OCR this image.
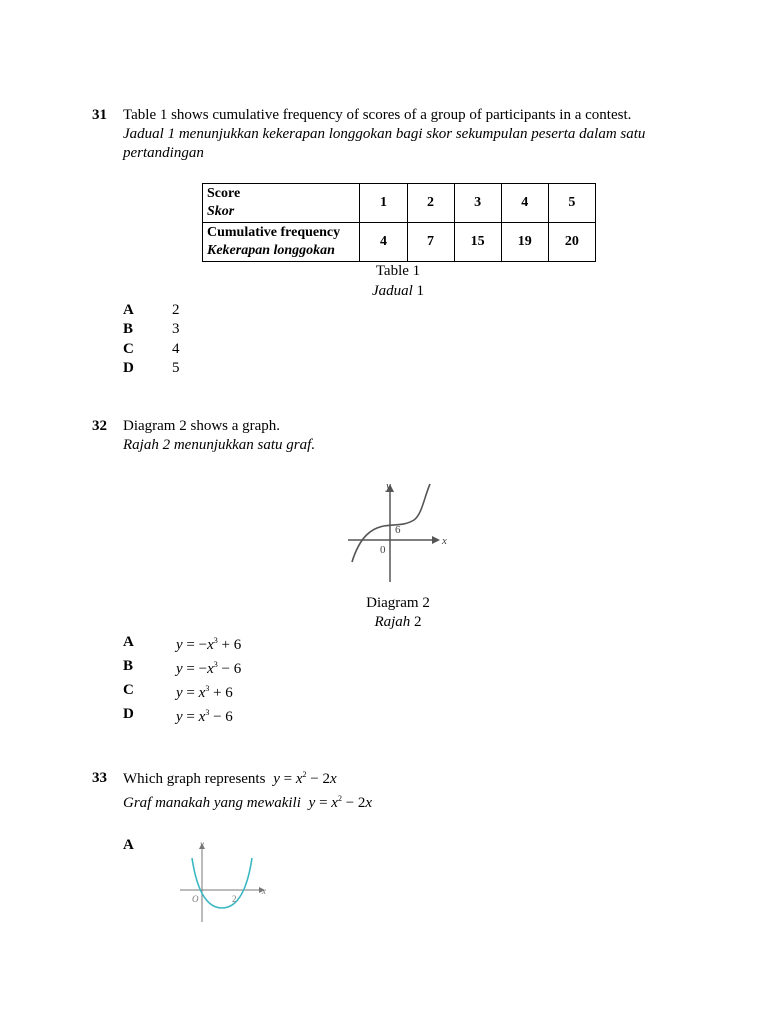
31 Table 1 shows cumulative frequency of scores of a group of participants in a contest.
Jadual 1 menunjukkan kekerapan longgokan bagi skor sekumpulan peserta dalam satu
pertandingan
Score
Skor	1	2	3	4	5

Cumulative frequency
Kekerapan longgokan	4	7	15	19	20
Table 1
Jadual 1
A	2
B	3
C	4
D	5
32 Diagram 2 shows a graph.
Rajah 2 menunjukkan satu graf.
y
x
0
6
Diagram 2
Rajah 2
A	$y = -x^3 + 6$
B	$y = -x^3 - 6$
C	$y = x^3 + 6$
D	$y = x^3 - 6$
33 Which graph represents $y = x^2 - 2x$
Graf manakah yang mewakili $y = x^2 - 2x$
A	y
x
O	2
